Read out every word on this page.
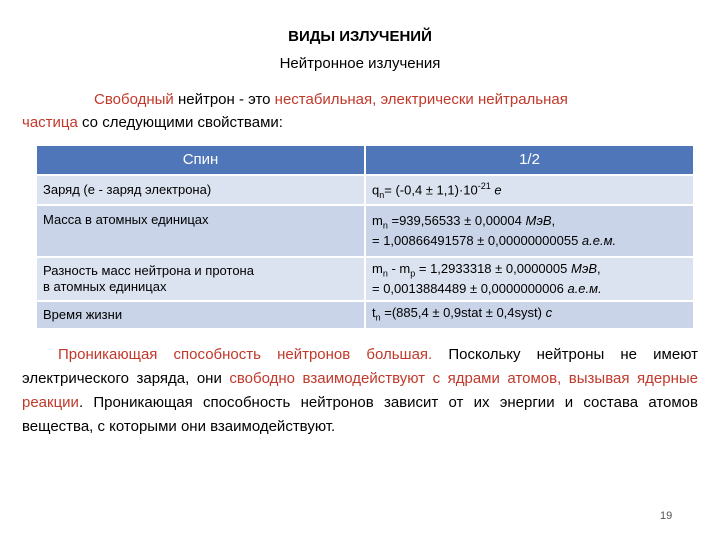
ВИДЫ ИЗЛУЧЕНИЙ
Нейтронное излучения
Свободный нейтрон - это нестабильная, электрически нейтральная
частица со следующими свойствами:
Спин	1/2
Заряд (е - заряд электрона)	$q_n= (-0,4 \pm 1,1)\cdot 10^{-21}$ е
Масса в атомных единицах	$m_n =939,56533 \pm 0,00004$ МэВ,
= 1,00866491578 ± 0,00000000055 а.е.м.
Разность масс нейтрона и протона
в атомных единицах	$m_n - m_p = 1,2933318 \pm 0,0000005$ МэВ,
= 0,0013884489 ± 0,0000000006 а.е.м.
Время жизни	$t_n =(885,4$ ± 0,9stat ± 0,4syst) с
Проникающая способность нейтронов большая. Поскольку нейтроны не имеют электрического заряда, они свободно взаимодействуют с ядрами атомов, вызывая ядерные реакции. Проникающая способность нейтронов зависит от их энергии и состава атомов вещества, с которыми они взаимодействуют.
19
